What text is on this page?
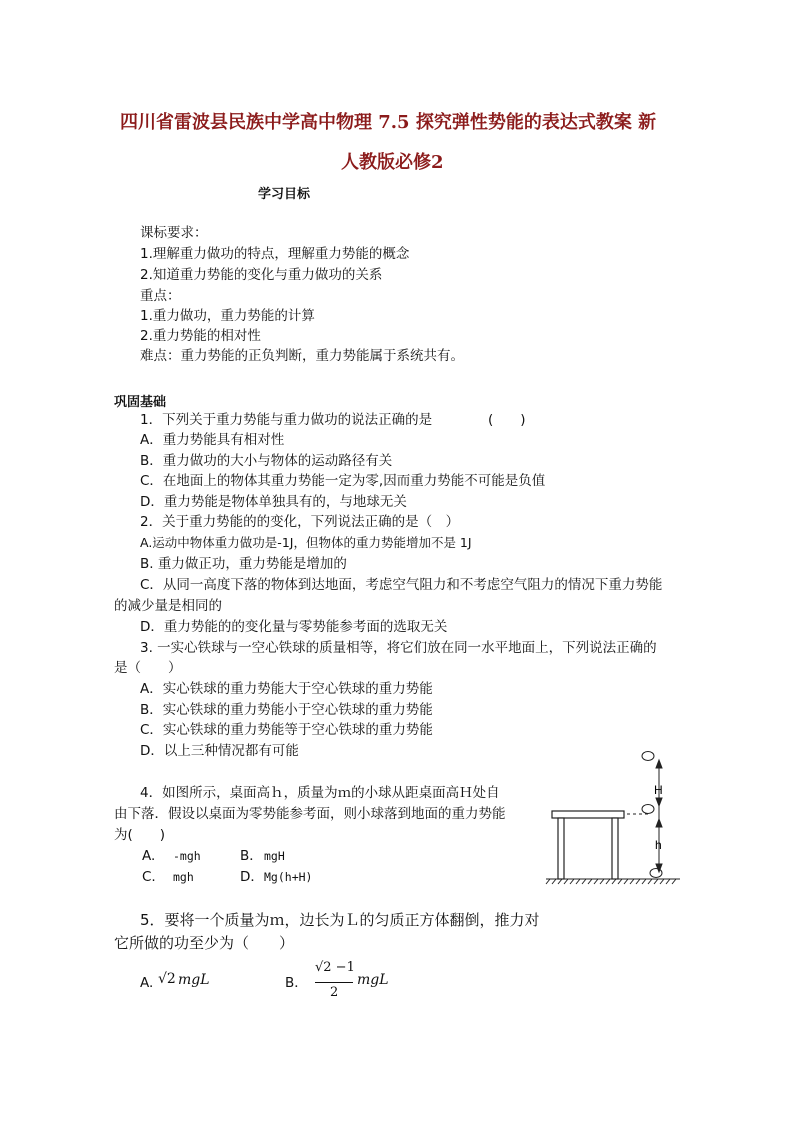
四川省雷波县民族中学高中物理 7.5 探究弹性势能的表达式教案 新
人教版必修2
学习目标
课标要求：
1.理解重力做功的特点，理解重力势能的概念
2.知道重力势能的变化与重力做功的关系
重点：
1.重力做功，重力势能的计算
2.重力势能的相对性
难点：重力势能的正负判断，重力势能属于系统共有。
巩固基础
1．下列关于重力势能与重力做功的说法正确的是	(　　)
A．重力势能具有相对性
B．重力做功的大小与物体的运动路径有关
C．在地面上的物体其重力势能一定为零,因而重力势能不可能是负值
D．重力势能是物体单独具有的，与地球无关
2．关于重力势能的的变化，下列说法正确的是（　）
A.运动中物体重力做功是-1J，但物体的重力势能增加不是 1J
B. 重力做正功，重力势能是增加的
C．从同一高度下落的物体到达地面，考虑空气阻力和不考虑空气阻力的情况下重力势能
的减少量是相同的
D．重力势能的的变化量与零势能参考面的选取无关
3. 一实心铁球与一空心铁球的质量相等，将它们放在同一水平地面上，下列说法正确的
是（　　）
A．实心铁球的重力势能大于空心铁球的重力势能
B．实心铁球的重力势能小于空心铁球的重力势能
C．实心铁球的重力势能等于空心铁球的重力势能
D．以上三种情况都有可能
4．如图所示，桌面高ｈ，质量为ｍ的小球从距桌面高Ｈ处自
由下落．假设以桌面为零势能参考面，则小球落到地面的重力势能
为(　　)
A. -mgh	B． mgH
C. mgh	D． Mg(h+H)
H
h
5．要将一个质量为ｍ，边长为Ｌ的匀质正方体翻倒，推力对
它所做的功至少为（　　）
A. √2 mgL	B．
√2 −1
2
mgL
